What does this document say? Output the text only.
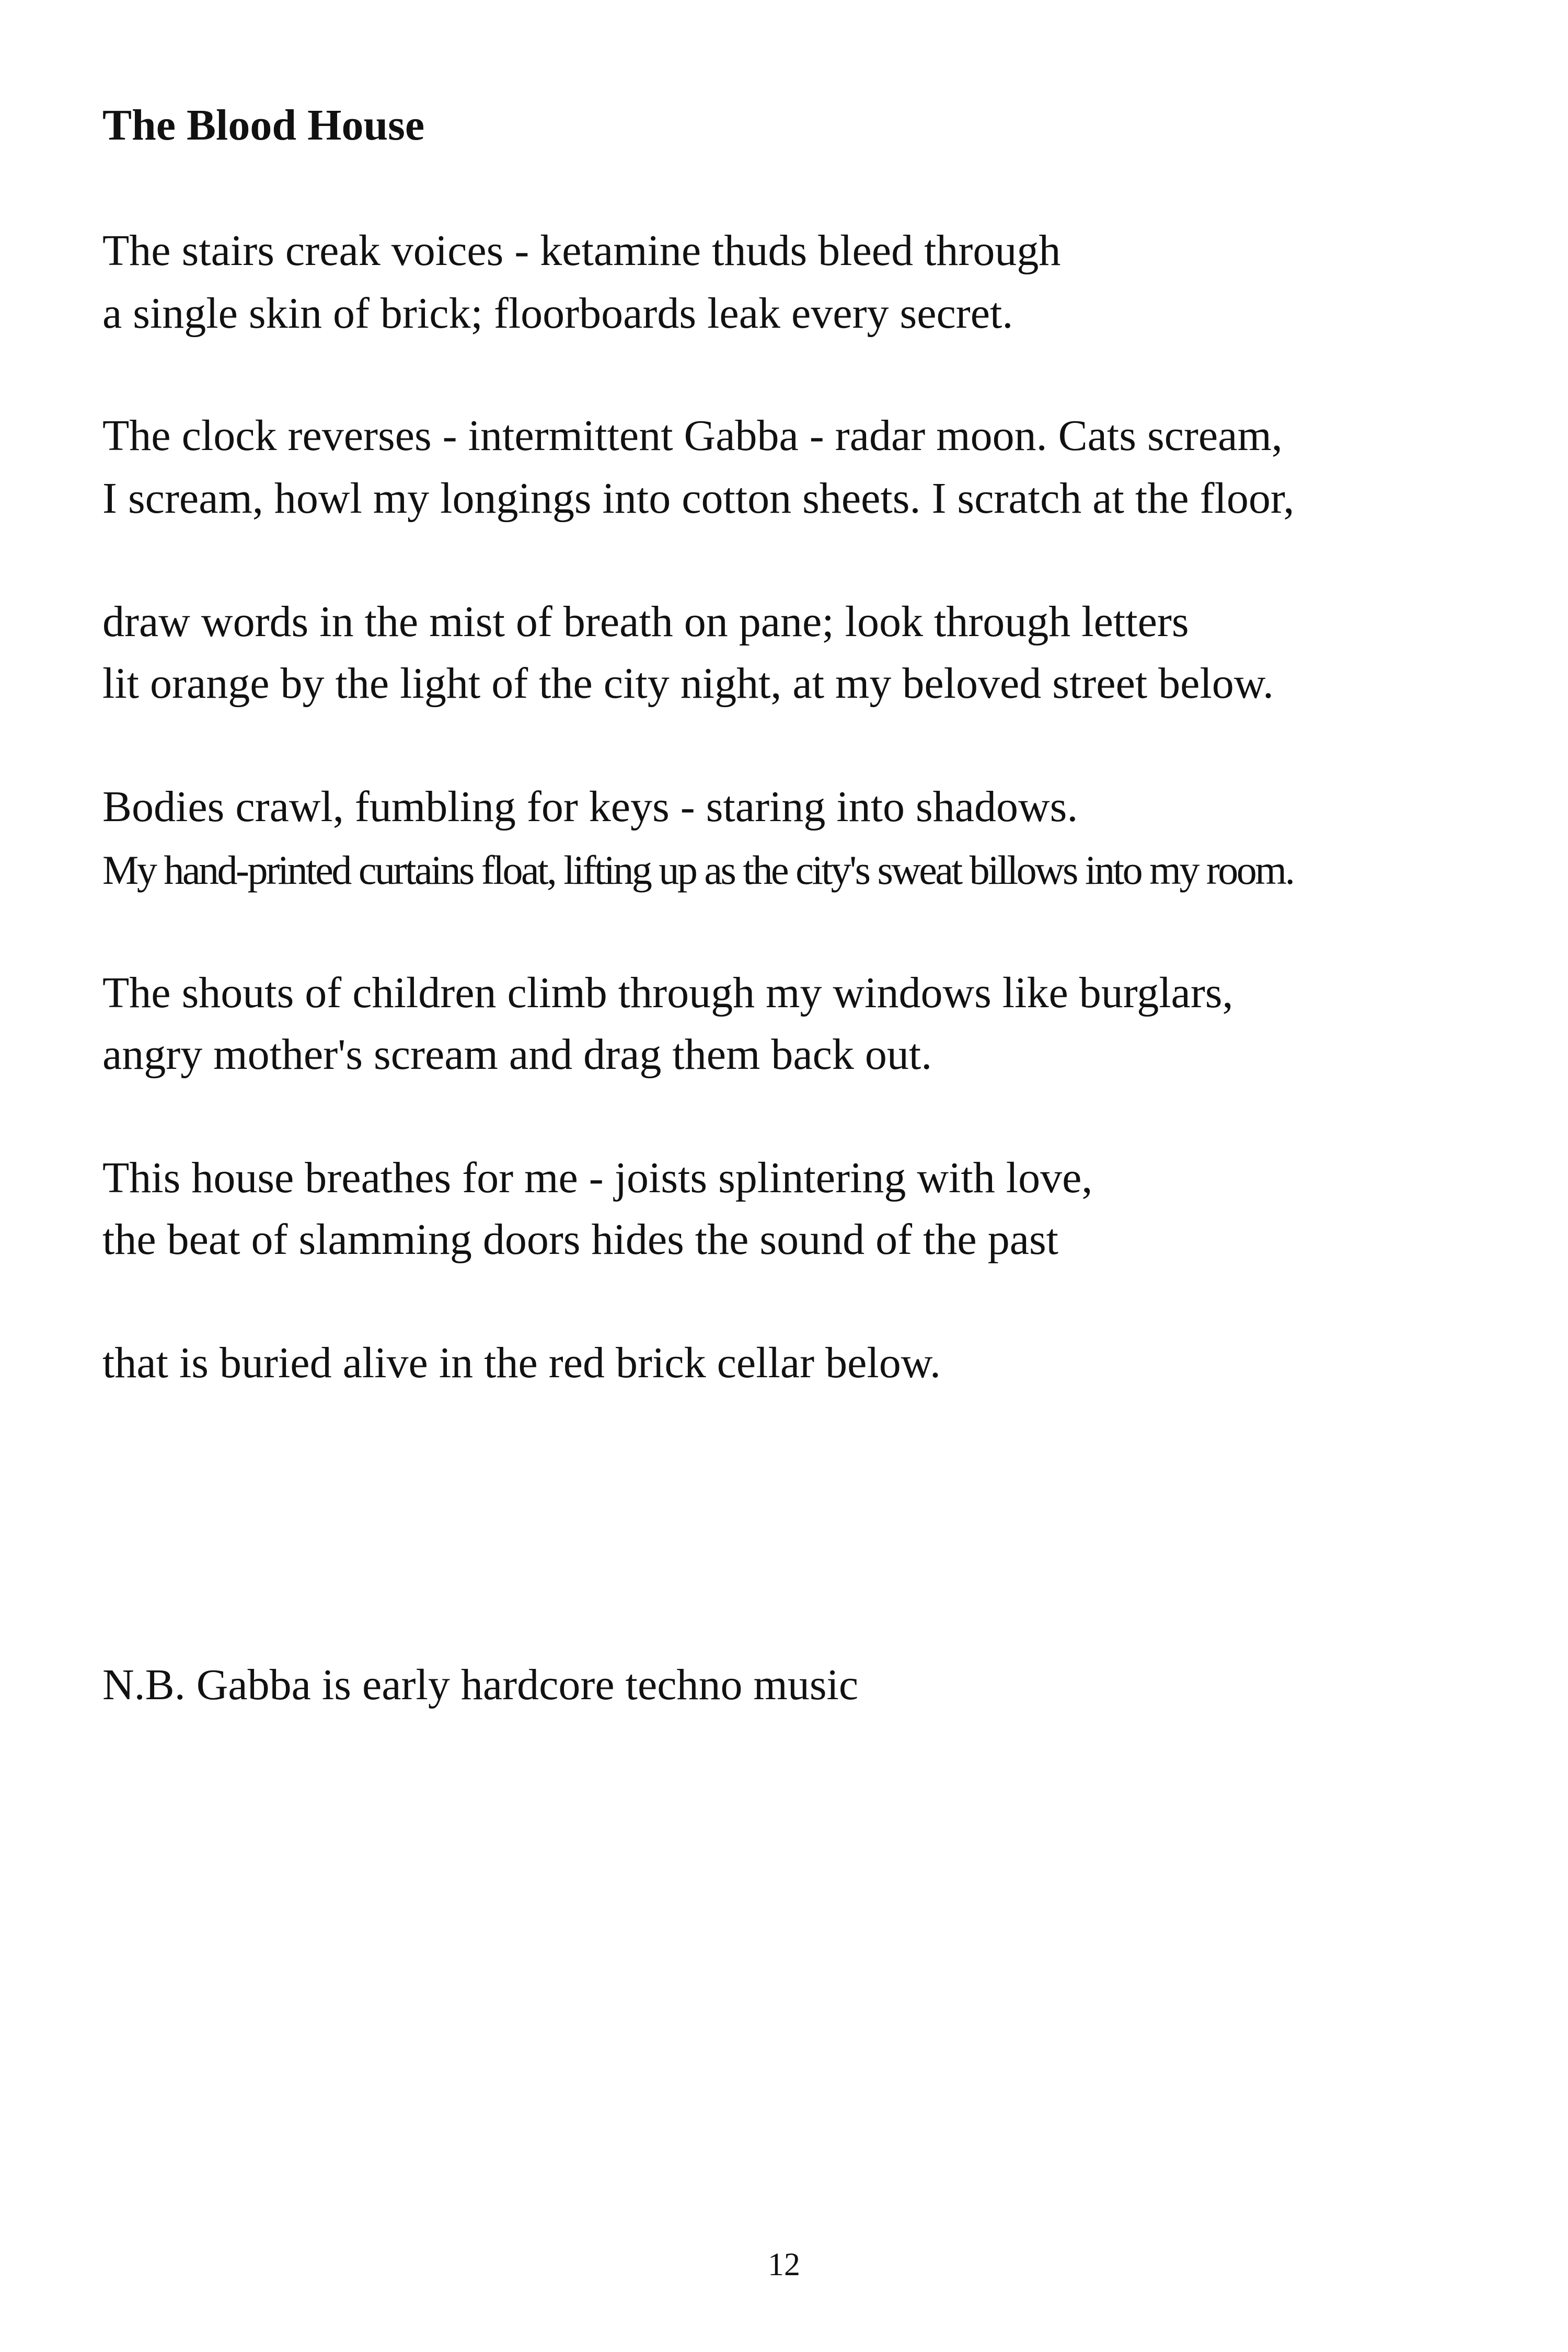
The Blood House
The stairs creak voices - ketamine thuds bleed through
a single skin of brick; floorboards leak every secret.
The clock reverses - intermittent Gabba - radar moon. Cats scream,
I scream, howl my longings into cotton sheets. I scratch at the floor,
draw words in the mist of breath on pane; look through letters
lit orange by the light of the city night, at my beloved street below.
Bodies crawl, fumbling for keys - staring into shadows.
My hand-printed curtains float, lifting up as the city's sweat billows into my room.
The shouts of children climb through my windows like burglars,
angry mother's scream and drag them back out.
This house breathes for me - joists splintering with love,
the beat of slamming doors hides the sound of the past
that is buried alive in the red brick cellar below.
N.B. Gabba is early hardcore techno music
12
